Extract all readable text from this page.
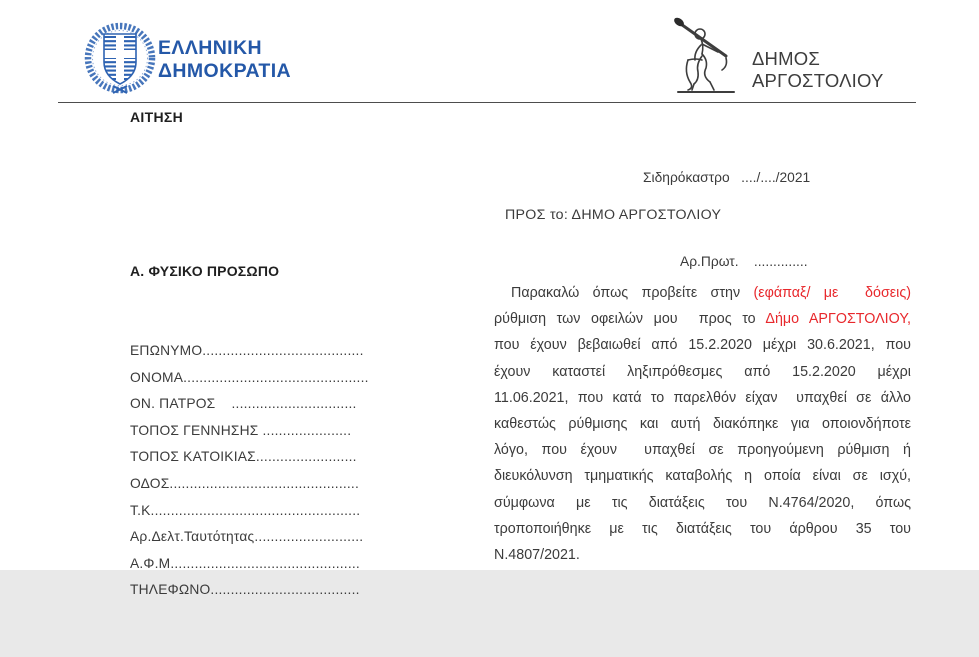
ΕΛΛΗΝΙΚΗ
ΔΗΜΟΚΡΑΤΙΑ
ΔΗΜΟΣ
ΑΡΓΟΣΤΟΛΙΟΥ
ΑΙΤΗΣΗ

Σιδηρόκαστρο   ..../..../2021

Αρ.Πρωτ.    ..............

Α. ΦΥΣΙΚΟ ΠΡΟΣΩΠΟ

ΕΠΩΝΥΜΟ........................................
ΟΝΟΜΑ..............................................
ΟΝ. ΠΑΤΡΟΣ    ...............................
ΤΟΠΟΣ ΓΕΝΝΗΣΗΣ ......................
ΤΟΠΟΣ ΚΑΤΟΙΚΙΑΣ.........................
ΟΔΟΣ...............................................
Τ.Κ....................................................
Αρ.Δελτ.Ταυτότητας...........................
Α.Φ.Μ...............................................
ΤΗΛΕΦΩΝΟ.....................................

ΠΡΟΣ το: ΔΗΜΟ ΑΡΓΟΣΤΟΛΙΟΥ
Παρακαλώ όπως προβείτε στην (εφάπαξ/ με  δόσεις)
ρύθμιση των οφειλών μου  προς το Δήμο ΑΡΓΟΣΤΟΛΙΟΥ,
που έχουν βεβαιωθεί από 15.2.2020 μέχρι 30.6.2021, που
έχουν καταστεί ληξιπρόθεσμες από 15.2.2020 μέχρι
11.06.2021, που κατά το παρελθόν είχαν  υπαχθεί σε άλλο
καθεστώς ρύθμισης και αυτή διακόπηκε για οποιονδήποτε
λόγο, που έχουν  υπαχθεί σε προηγούμενη ρύθμιση ή
διευκόλυνση τμηματικής καταβολής η οποία είναι σε ισχύ,
σύμφωνα με τις διατάξεις του Ν.4764/2020, όπως
τροποποιήθηκε με τις διατάξεις του άρθρου 35 του
Ν.4807/2021.
